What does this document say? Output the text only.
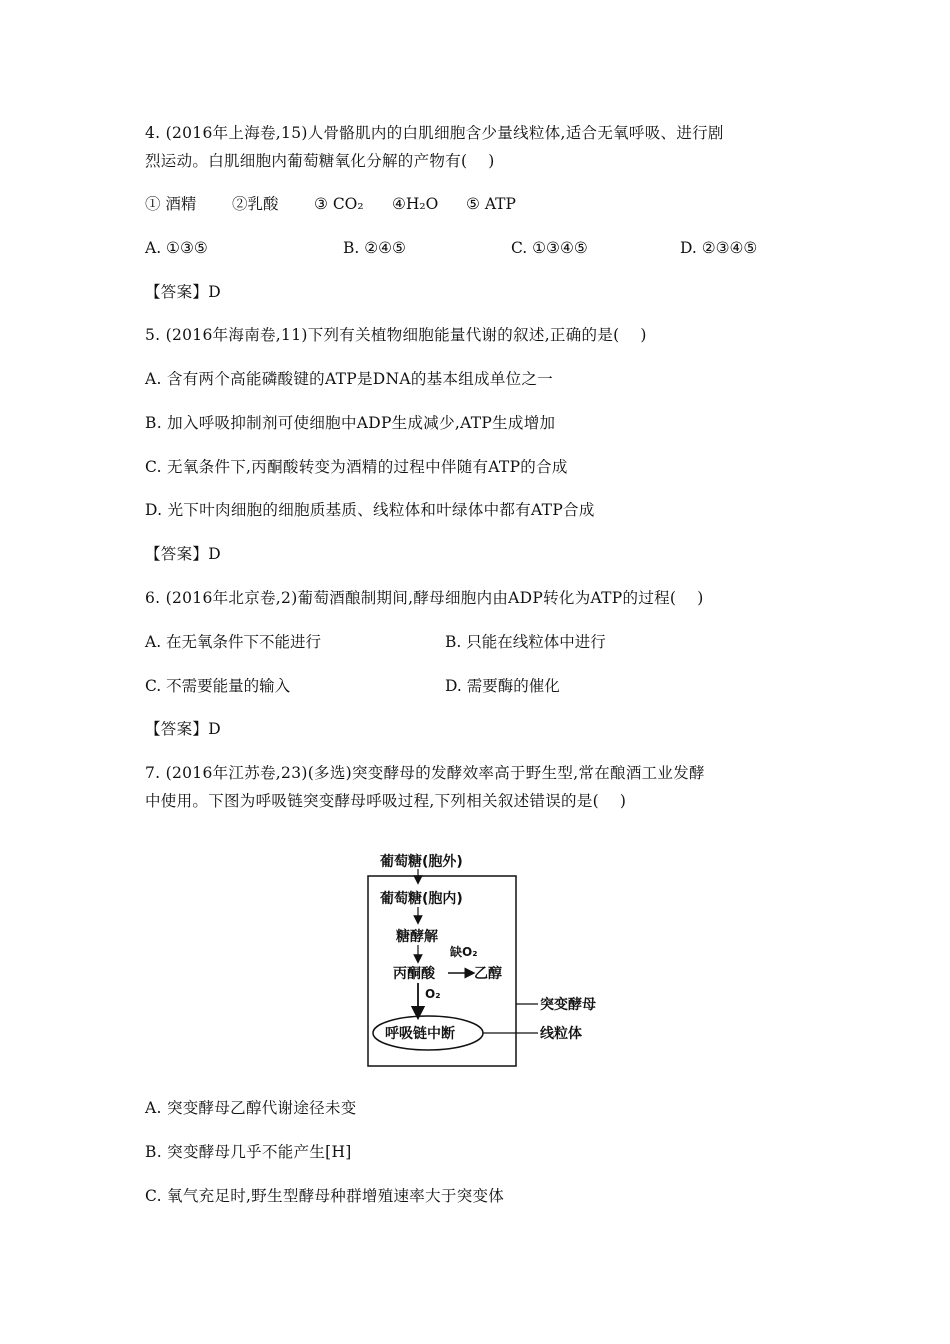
4. (2016年上海卷,15)人骨骼肌内的白肌细胞含少量线粒体,适合无氧呼吸、进行剧
烈运动。白肌细胞内葡萄糖氧化分解的产物有(    )
① 酒精 ②乳酸 ③ CO₂ ④H₂O ⑤ ATP
A. ①③⑤	B. ②④⑤	C. ①③④⑤	D. ②③④⑤
【答案】D
5. (2016年海南卷,11)下列有关植物细胞能量代谢的叙述,正确的是(    )
A. 含有两个高能磷酸键的ATP是DNA的基本组成单位之一
B. 加入呼吸抑制剂可使细胞中ADP生成减少,ATP生成增加
C. 无氧条件下,丙酮酸转变为酒精的过程中伴随有ATP的合成
D. 光下叶肉细胞的细胞质基质、线粒体和叶绿体中都有ATP合成
【答案】D
6. (2016年北京卷,2)葡萄酒酿制期间,酵母细胞内由ADP转化为ATP的过程(    )
A. 在无氧条件下不能进行	B. 只能在线粒体中进行
C. 不需要能量的输入	D. 需要酶的催化
【答案】D
7. (2016年江苏卷,23)(多选)突变酵母的发酵效率高于野生型,常在酿酒工业发酵
中使用。下图为呼吸链突变酵母呼吸过程,下列相关叙述错误的是(    )
葡萄糖(胞外)
葡萄糖(胞内)
糖酵解
缺O₂
丙酮酸	乙醇
O₂
呼吸链中断
突变酵母
线粒体
A. 突变酵母乙醇代谢途径未变
B. 突变酵母几乎不能产生[H]
C. 氧气充足时,野生型酵母种群增殖速率大于突变体
